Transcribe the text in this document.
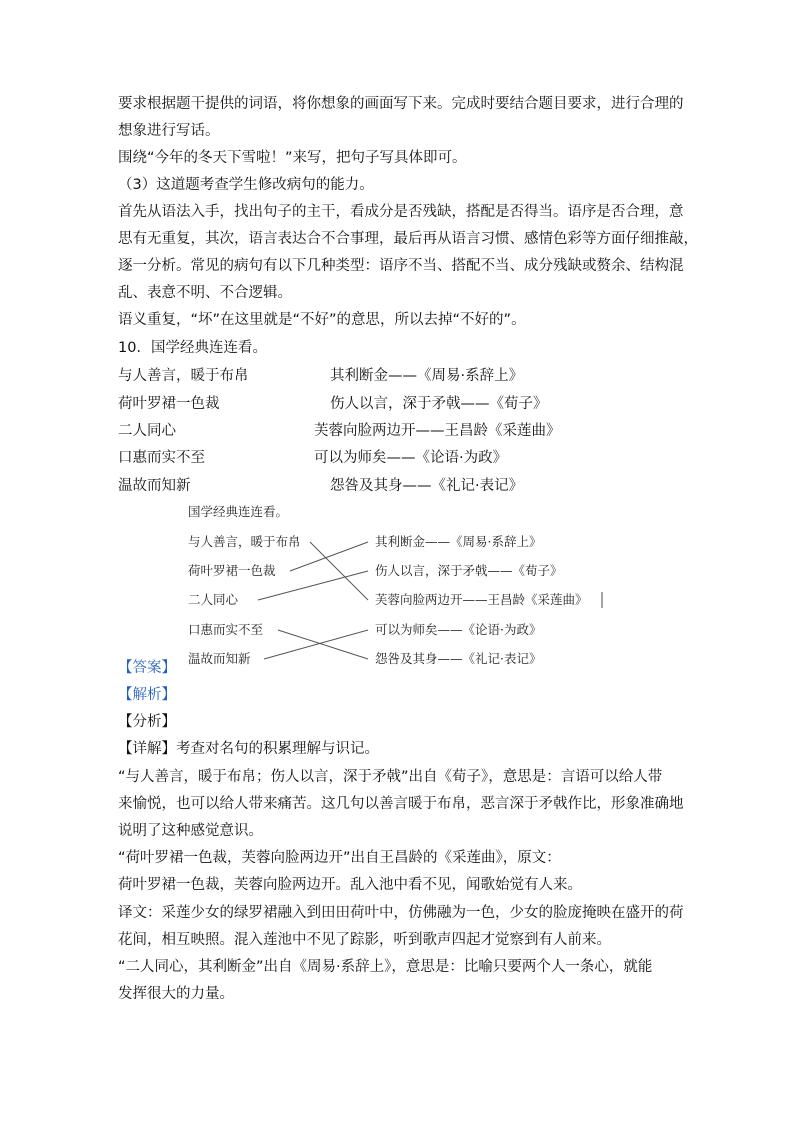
要求根据题干提供的词语，将你想象的画面写下来。完成时要结合题目要求，进行合理的
想象进行写话。
围绕“今年的冬天下雪啦！”来写，把句子写具体即可。
（3）这道题考查学生修改病句的能力。
首先从语法入手，找出句子的主干，看成分是否残缺，搭配是否得当。语序是否合理，意
思有无重复，其次，语言表达合不合事理，最后再从语言习惯、感情色彩等方面仔细推敲，
逐一分析。常见的病句有以下几种类型：语序不当、搭配不当、成分残缺或赘余、结构混
乱、表意不明、不合逻辑。
语义重复，“坏”在这里就是“不好”的意思，所以去掉“不好的”。
10．国学经典连连看。
与人善言，暖于布帛
荷叶罗裙一色裁
二人同心
口惠而实不至
温故而知新
其利断金——《周易·系辞上》
伤人以言，深于矛戟——《荀子》
芙蓉向脸两边开——王昌龄《采莲曲》
可以为师矣——《论语·为政》
怨咎及其身——《礼记·表记》
国学经典连连看。
与人善言，暖于布帛
荷叶罗裙一色裁
二人同心
口惠而实不至
温故而知新
其利断金——《周易·系辞上》
伤人以言，深于矛戟——《荀子》
芙蓉向脸两边开——王昌龄《采莲曲》
可以为师矣——《论语·为政》
怨咎及其身——《礼记·表记》
【答案】
【解析】
【分析】
【详解】考查对名句的积累理解与识记。
“与人善言，暖于布帛；伤人以言，深于矛戟”出自《荀子》，意思是：言语可以给人带
来愉悦，也可以给人带来痛苦。这几句以善言暖于布帛，恶言深于矛戟作比，形象准确地
说明了这种感觉意识。
“荷叶罗裙一色裁，芙蓉向脸两边开”出自王昌龄的《采莲曲》，原文：
荷叶罗裙一色裁，芙蓉向脸两边开。乱入池中看不见，闻歌始觉有人来。
译文：采莲少女的绿罗裙融入到田田荷叶中，仿佛融为一色，少女的脸庞掩映在盛开的荷
花间，相互映照。混入莲池中不见了踪影，听到歌声四起才觉察到有人前来。
“二人同心，其利断金”出自《周易·系辞上》，意思是：比喻只要两个人一条心，就能
发挥很大的力量。
